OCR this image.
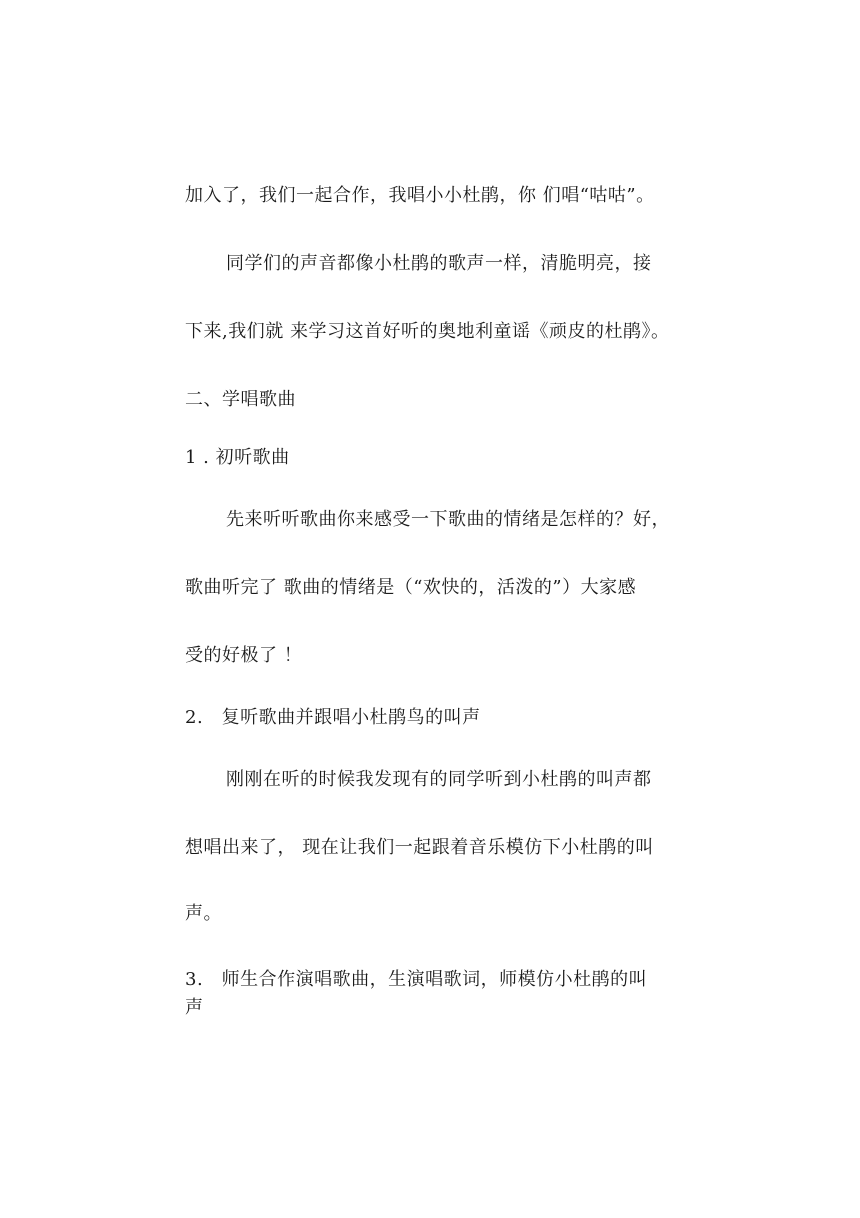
加入了，我们一起合作，我唱小小杜鹃，你 们唱“咕咕”。
同学们的声音都像小杜鹃的歌声一样，清脆明亮，接
下来,我们就 来学习这首好听的奥地利童谣《顽皮的杜鹃》。
二、学唱歌曲
1 . 初听歌曲
先来听听歌曲你来感受一下歌曲的情绪是怎样的？好，
歌曲听完了 歌曲的情绪是（“欢快的，活泼的”）大家感
受的好极了 ！
2.　复听歌曲并跟唱小杜鹃鸟的叫声
刚刚在听的时候我发现有的同学听到小杜鹃的叫声都
想唱出来了， 现在让我们一起跟着音乐模仿下小杜鹃的叫
声。
3.　师生合作演唱歌曲，生演唱歌词，师模仿小杜鹃的叫
声
